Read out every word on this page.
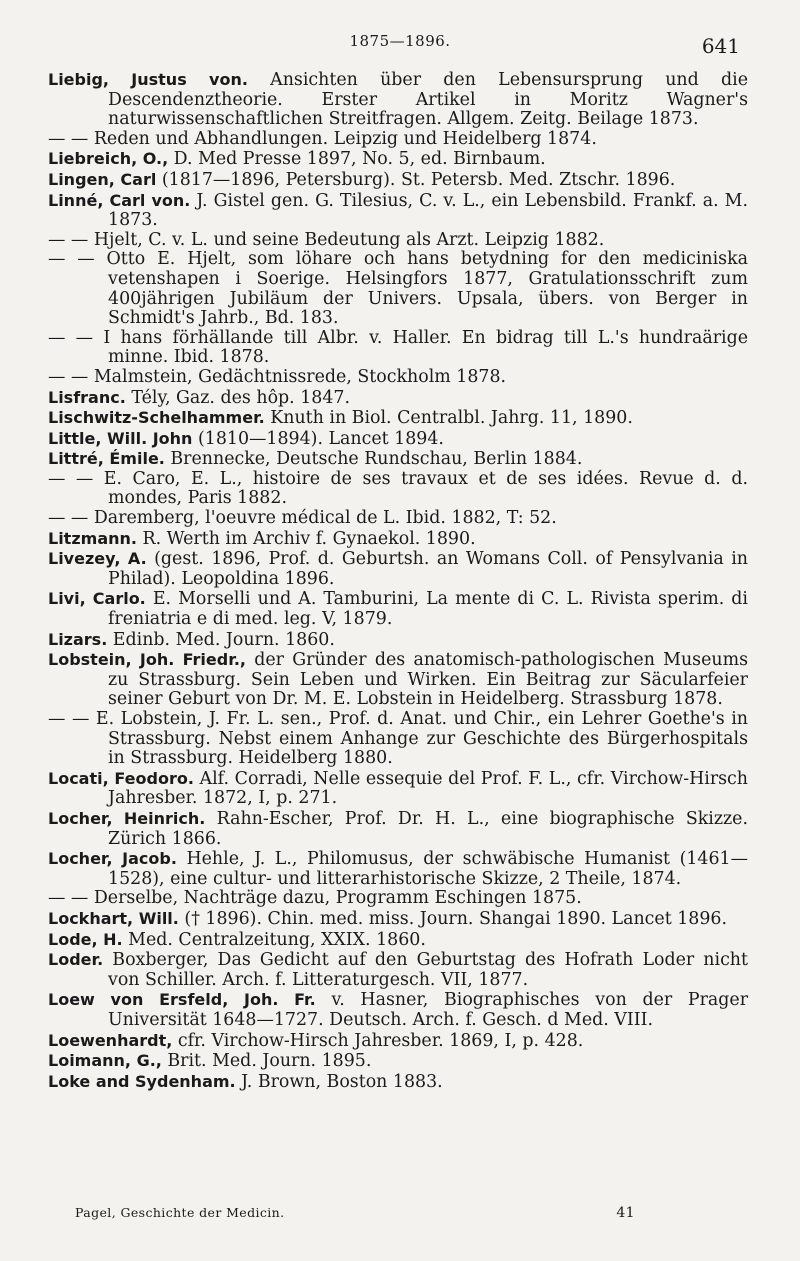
1875—1896.	641
Liebig, Justus von. Ansichten über den Lebensursprung und die Descendenztheorie. Erster Artikel in Moritz Wagner's naturwissenschaftlichen Streitfragen. Allgem. Zeitg. Beilage 1873.
— — Reden und Abhandlungen. Leipzig und Heidelberg 1874.
Liebreich, O., D. Med Presse 1897, No. 5, ed. Birnbaum.
Lingen, Carl (1817—1896, Petersburg). St. Petersb. Med. Ztschr. 1896.
Linné, Carl von. J. Gistel gen. G. Tilesius, C. v. L., ein Lebensbild. Frankf. a. M. 1873.
— — Hjelt, C. v. L. und seine Bedeutung als Arzt. Leipzig 1882.
— — Otto E. Hjelt, som löhare och hans betydning for den mediciniska vetenshapen i Soerige. Helsingfors 1877, Gratulationsschrift zum 400jährigen Jubiläum der Univers. Upsala, übers. von Berger in Schmidt's Jahrb., Bd. 183.
— — I hans förhällande till Albr. v. Haller. En bidrag till L.'s hundraärige minne. Ibid. 1878.
— — Malmstein, Gedächtnissrede, Stockholm 1878.
Lisfranc. Tély, Gaz. des hôp. 1847.
Lischwitz-Schelhammer. Knuth in Biol. Centralbl. Jahrg. 11, 1890.
Little, Will. John (1810—1894). Lancet 1894.
Littré, Émile. Brennecke, Deutsche Rundschau, Berlin 1884.
— — E. Caro, E. L., histoire de ses travaux et de ses idées. Revue d. d. mondes, Paris 1882.
— — Daremberg, l'oeuvre médical de L. Ibid. 1882, T: 52.
Litzmann. R. Werth im Archiv f. Gynaekol. 1890.
Livezey, A. (gest. 1896, Prof. d. Geburtsh. an Womans Coll. of Pensylvania in Philad). Leopoldina 1896.
Livi, Carlo. E. Morselli und A. Tamburini, La mente di C. L. Rivista sperim. di freniatria e di med. leg. V, 1879.
Lizars. Edinb. Med. Journ. 1860.
Lobstein, Joh. Friedr., der Gründer des anatomisch-pathologischen Museums zu Strassburg. Sein Leben und Wirken. Ein Beitrag zur Säcularfeier seiner Geburt von Dr. M. E. Lobstein in Heidelberg. Strassburg 1878.
— — E. Lobstein, J. Fr. L. sen., Prof. d. Anat. und Chir., ein Lehrer Goethe's in Strassburg. Nebst einem Anhange zur Geschichte des Bürgerhospitals in Strassburg. Heidelberg 1880.
Locati, Feodoro. Alf. Corradi, Nelle essequie del Prof. F. L., cfr. Virchow-Hirsch Jahresber. 1872, I, p. 271.
Locher, Heinrich. Rahn-Escher, Prof. Dr. H. L., eine biographische Skizze. Zürich 1866.
Locher, Jacob. Hehle, J. L., Philomusus, der schwäbische Humanist (1461—1528), eine cultur- und litterarhistorische Skizze, 2 Theile, 1874.
— — Derselbe, Nachträge dazu, Programm Eschingen 1875.
Lockhart, Will. († 1896). Chin. med. miss. Journ. Shangai 1890. Lancet 1896.
Lode, H. Med. Centralzeitung, XXIX. 1860.
Loder. Boxberger, Das Gedicht auf den Geburtstag des Hofrath Loder nicht von Schiller. Arch. f. Litteraturgesch. VII, 1877.
Loew von Ersfeld, Joh. Fr. v. Hasner, Biographisches von der Prager Universität 1648—1727. Deutsch. Arch. f. Gesch. d Med. VIII.
Loewenhardt, cfr. Virchow-Hirsch Jahresber. 1869, I, p. 428.
Loimann, G., Brit. Med. Journ. 1895.
Loke and Sydenham. J. Brown, Boston 1883.
Pagel, Geschichte der Medicin.	41
